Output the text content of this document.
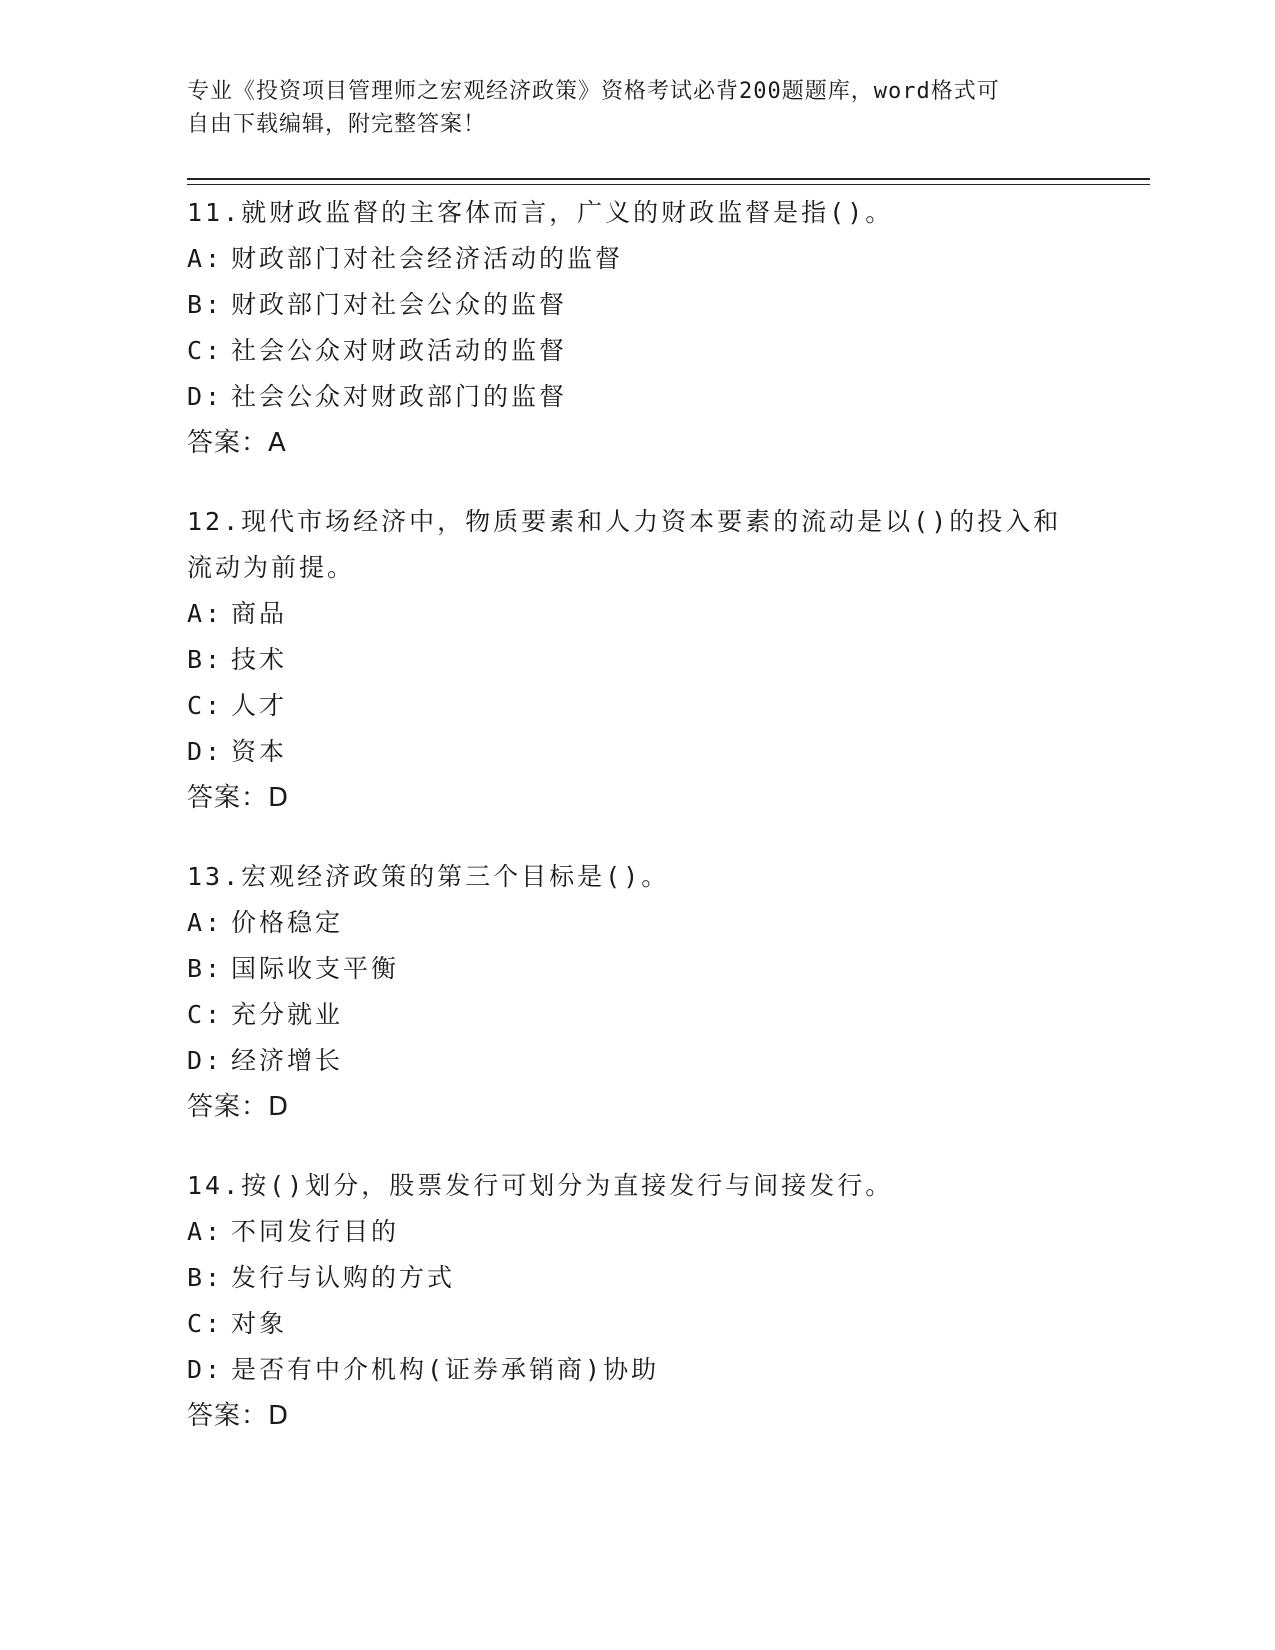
专业《投资项目管理师之宏观经济政策》资格考试必背200题题库，word格式可
自由下载编辑，附完整答案！

11.就财政监督的主客体而言，广义的财政监督是指()。

A: 财政部门对社会经济活动的监督

B: 财政部门对社会公众的监督

C: 社会公众对财政活动的监督

D: 社会公众对财政部门的监督

答案：A

12.现代市场经济中，物质要素和人力资本要素的流动是以()的投入和流动为前提。

A: 商品

B: 技术

C: 人才

D: 资本

答案：D

13.宏观经济政策的第三个目标是()。

A: 价格稳定

B: 国际收支平衡

C: 充分就业

D: 经济增长

答案：D

14.按()划分，股票发行可划分为直接发行与间接发行。

A: 不同发行目的

B: 发行与认购的方式

C: 对象

D: 是否有中介机构(证券承销商)协助

答案：D
